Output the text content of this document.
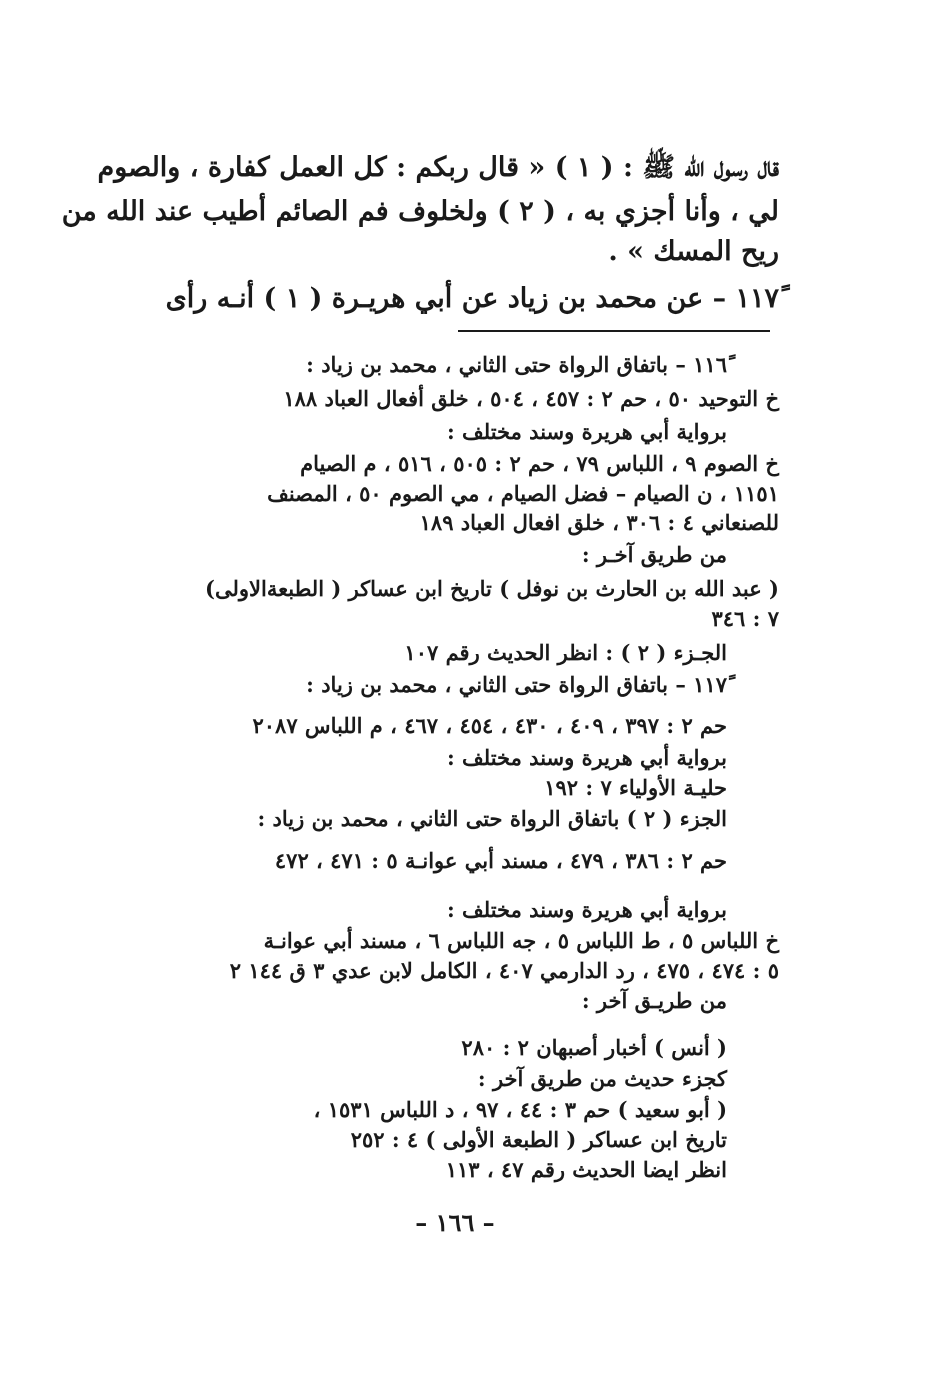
قال رسول الله ﷺ : ( ١ ) « قال ربكم : كل العمل كفارة ، والصوم
لي ، وأنا أجزي به ، ( ٢ ) ولخلوف فم الصائم أطيب عند الله من
ريح المسك » .
١١٧ً – عن محمد بن زياد عن أبي هريـرة ( ١ ) أنـه رأى
١١٦ً – باتفاق الرواة حتى الثاني ، محمد بن زياد :
خ التوحيد ٥٠ ، حم ٢ : ٤٥٧ ، ٥٠٤ ، خلق أفعال العباد ١٨٨
برواية أبي هريرة وسند مختلف :
خ الصوم ٩ ، اللباس ٧٩ ، حم ٢ : ٥٠٥ ، ٥١٦ ، م الصيام
١١٥١ ، ن الصيام – فضل الصيام ، مي الصوم ٥٠ ، المصنف
للصنعاني ٤ : ٣٠٦ ، خلق افعال العباد ١٨٩
من طريق آخـر :
( عبد الله بن الحارث بن نوفل ) تاريخ ابن عساكر ( الطبعةالاولى)
٧ : ٣٤٦
الجـزء ( ٢ ) : انظر الحديث رقم ١٠٧
١١٧ً – باتفاق الرواة حتى الثاني ، محمد بن زياد :
حم ٢ : ٣٩٧ ، ٤٠٩ ، ٤٣٠ ، ٤٥٤ ، ٤٦٧ ، م اللباس ٢٠٨٧
برواية أبي هريرة وسند مختلف :
حليـة الأولياء ٧ : ١٩٢
الجزء ( ٢ ) باتفاق الرواة حتى الثاني ، محمد بن زياد :
حم ٢ : ٣٨٦ ، ٤٧٩ ، مسند أبي عوانـة ٥ : ٤٧١ ، ٤٧٢
برواية أبي هريرة وسند مختلف :
خ اللباس ٥ ، ط اللباس ٥ ، جه اللباس ٦ ، مسند أبي عوانـة
٥ : ٤٧٤ ، ٤٧٥ ، رد الدارمي ٤٠٧ ، الكامل لابن عدي ٣ ق ١٤٤ ٢
من طريـق آخر :
( أنس ) أخبار أصبهان ٢ : ٢٨٠
كجزء حديث من طريق آخر :
( أبو سعيد ) حم ٣ : ٤٤ ، ٩٧ ، د اللباس ١٥٣١ ،
تاريخ ابن عساكر ( الطبعة الأولى ) ٤ : ٢٥٢
انظر ايضا الحديث رقم ٤٧ ، ١١٣
– ١٦٦ –
